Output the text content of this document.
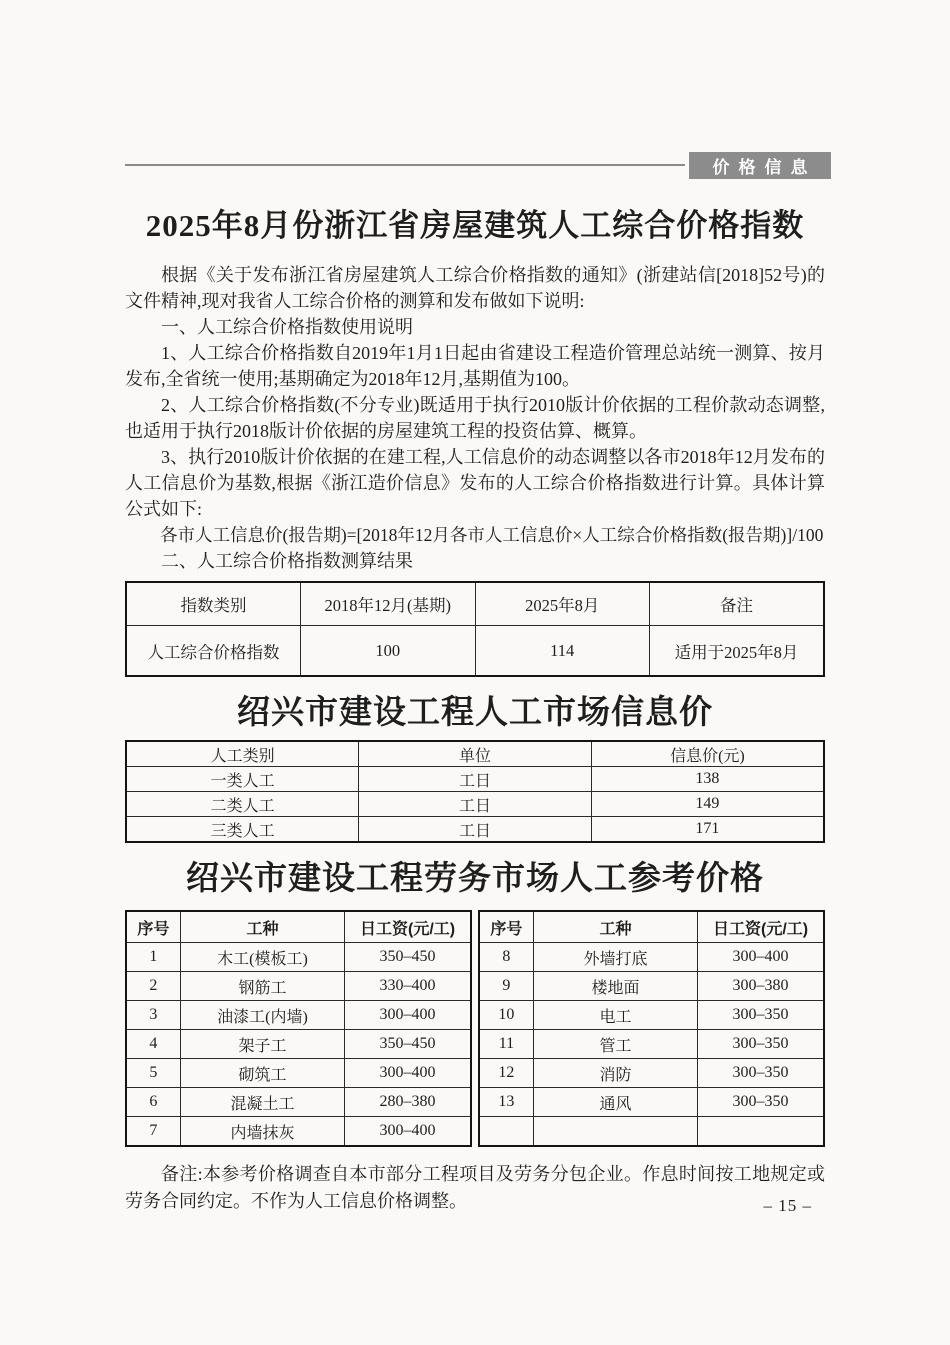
价格信息
2025年8月份浙江省房屋建筑人工综合价格指数

根据《关于发布浙江省房屋建筑人工综合价格指数的通知》(浙建站信[2018]52号)的文件精神,现对我省人工综合价格的测算和发布做如下说明:

一、人工综合价格指数使用说明

1、人工综合价格指数自2019年1月1日起由省建设工程造价管理总站统一测算、按月发布,全省统一使用;基期确定为2018年12月,基期值为100。

2、人工综合价格指数(不分专业)既适用于执行2010版计价依据的工程价款动态调整,也适用于执行2018版计价依据的房屋建筑工程的投资估算、概算。

3、执行2010版计价依据的在建工程,人工信息价的动态调整以各市2018年12月发布的人工信息价为基数,根据《浙江造价信息》发布的人工综合价格指数进行计算。具体计算公式如下:

各市人工信息价(报告期)=[2018年12月各市人工信息价×人工综合价格指数(报告期)]/100

二、人工综合价格指数测算结果

指数类别	2018年12月(基期)	2025年8月	备注
人工综合价格指数	100	114	适用于2025年8月
绍兴市建设工程人工市场信息价
人工类别	单位	信息价(元)
一类人工	工日	138
二类人工	工日	149
三类人工	工日	171
绍兴市建设工程劳务市场人工参考价格
序号	工种	日工资(元/工)
1	木工(模板工)	350–450
2	钢筋工	330–400
3	油漆工(内墙)	300–400
4	架子工	350–450
5	砌筑工	300–400
6	混凝土工	280–380
7	内墙抹灰	300–400
序号	工种	日工资(元/工)
8	外墙打底	300–400
9	楼地面	300–380
10	电工	300–350
11	管工	300–350
12	消防	300–350
13	通风	300–350

备注:本参考价格调查自本市部分工程项目及劳务分包企业。作息时间按工地规定或劳务合同约定。不作为人工信息价格调整。	– 15 –
